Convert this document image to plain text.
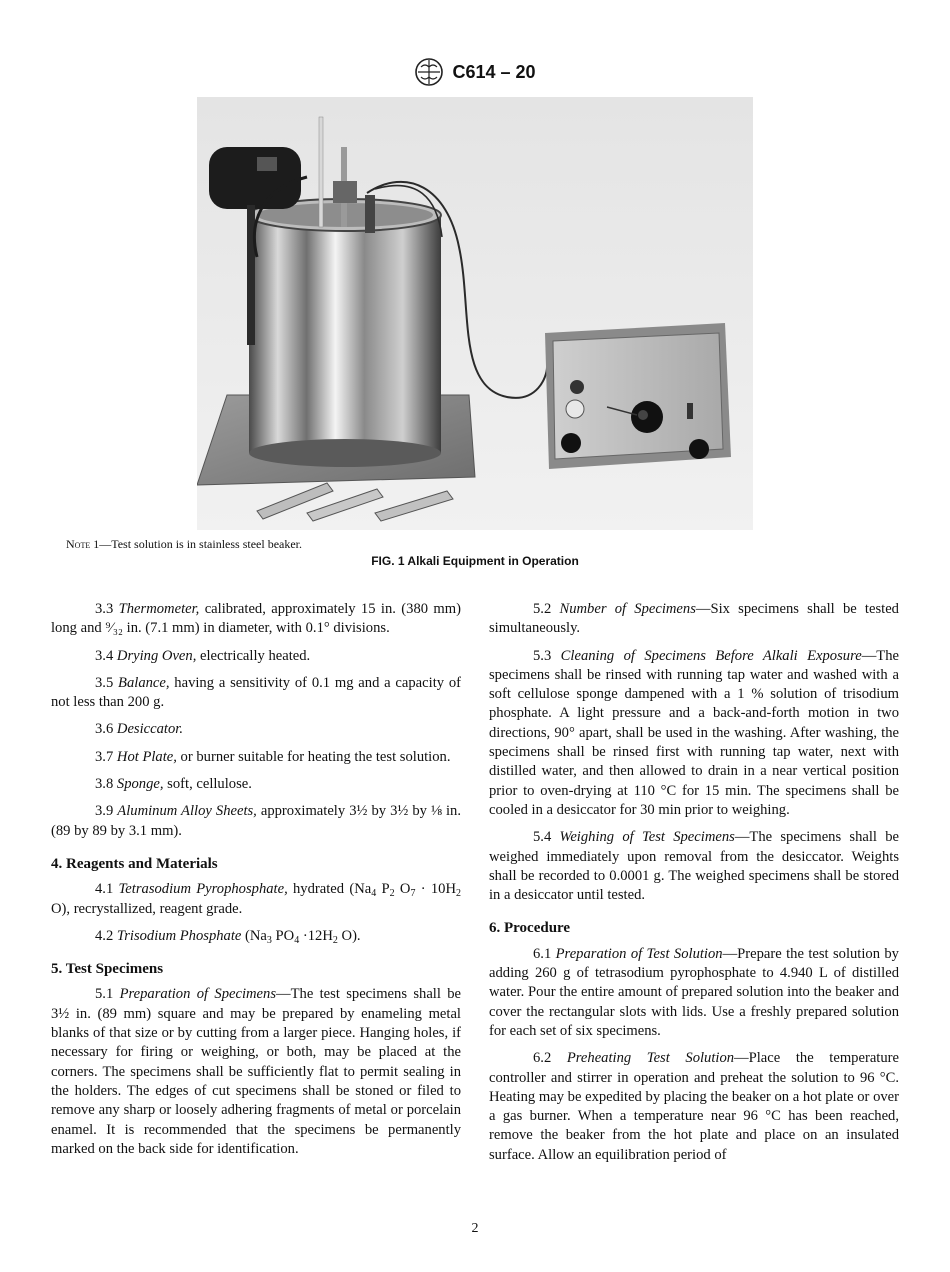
C614 – 20
Note 1—Test solution is in stainless steel beaker.
FIG. 1 Alkali Equipment in Operation

3.3 Thermometer, calibrated, approximately 15 in. (380 mm) long and ⁹⁄₃₂ in. (7.1 mm) in diameter, with 0.1° divisions.

3.4 Drying Oven, electrically heated.

3.5 Balance, having a sensitivity of 0.1 mg and a capacity of not less than 200 g.

3.6 Desiccator.

3.7 Hot Plate, or burner suitable for heating the test solution.

3.8 Sponge, soft, cellulose.

3.9 Aluminum Alloy Sheets, approximately 3½ by 3½ by ⅛ in. (89 by 89 by 3.1 mm).

4. Reagents and Materials

4.1 Tetrasodium Pyrophosphate, hydrated ($Na_4$ $P_2$ $O_7 \cdot 10H_2$ O), recrystallized, reagent grade.

4.2 Trisodium Phosphate ($Na_3$ $PO_4 \cdot 12H_2$ O).

5. Test Specimens

5.1 Preparation of Specimens—The test specimens shall be 3½ in. (89 mm) square and may be prepared by enameling metal blanks of that size or by cutting from a larger piece. Hanging holes, if necessary for firing or weighing, or both, may be placed at the corners. The specimens shall be sufficiently flat to permit sealing in the holders. The edges of cut specimens shall be stoned or filed to remove any sharp or loosely adhering fragments of metal or porcelain enamel. It is recommended that the specimens be permanently marked on the back side for identification.

5.2 Number of Specimens—Six specimens shall be tested simultaneously.

5.3 Cleaning of Specimens Before Alkali Exposure—The specimens shall be rinsed with running tap water and washed with a soft cellulose sponge dampened with a 1 % solution of trisodium phosphate. A light pressure and a back-and-forth motion in two directions, 90° apart, shall be used in the washing. After washing, the specimens shall be rinsed first with running tap water, next with distilled water, and then allowed to drain in a near vertical position prior to oven-drying at 110 °C for 15 min. The specimens shall be cooled in a desiccator for 30 min prior to weighing.

5.4 Weighing of Test Specimens—The specimens shall be weighed immediately upon removal from the desiccator. Weights shall be recorded to 0.0001 g. The weighed specimens shall be stored in a desiccator until tested.

6. Procedure

6.1 Preparation of Test Solution—Prepare the test solution by adding 260 g of tetrasodium pyrophosphate to 4.940 L of distilled water. Pour the entire amount of prepared solution into the beaker and cover the rectangular slots with lids. Use a freshly prepared solution for each set of six specimens.

6.2 Preheating Test Solution—Place the temperature controller and stirrer in operation and preheat the solution to 96 °C. Heating may be expedited by placing the beaker on a hot plate or over a gas burner. When a temperature near 96 °C has been reached, remove the beaker from the hot plate and place on an insulated surface. Allow an equilibration period of

2
